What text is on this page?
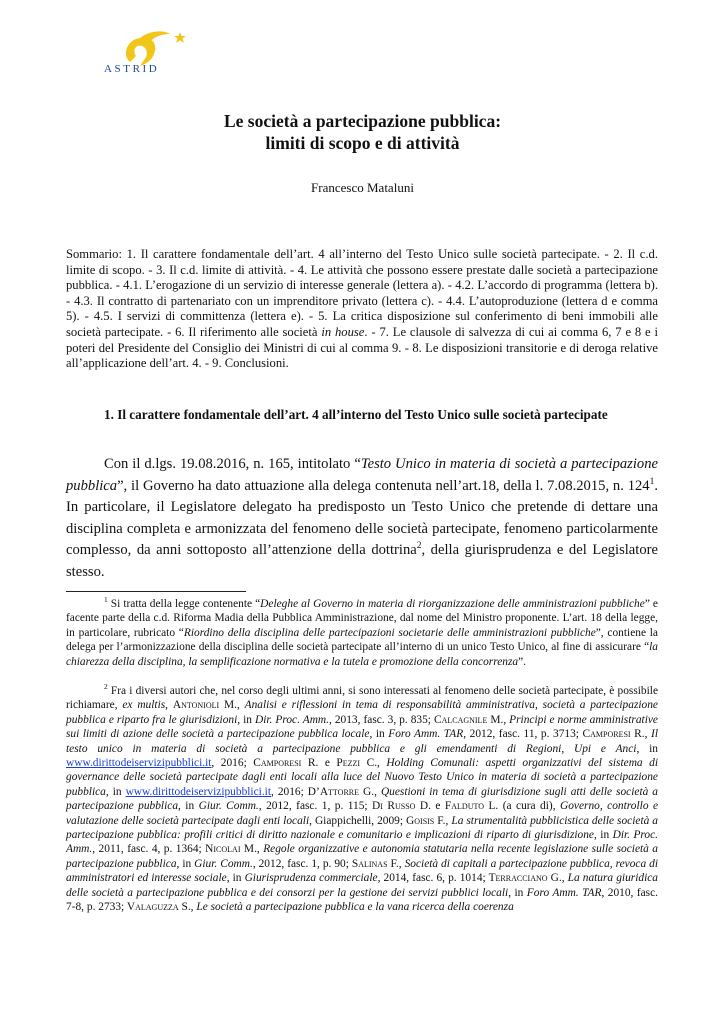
ASTRID
Le società a partecipazione pubblica:
limiti di scopo e di attività
Francesco Mataluni
Sommario: 1. Il carattere fondamentale dell’art. 4 all’interno del Testo Unico sulle società partecipate. - 2. Il c.d. limite di scopo. - 3. Il c.d. limite di attività. - 4. Le attività che possono essere prestate dalle società a partecipazione pubblica. - 4.1. L’erogazione di un servizio di interesse generale (lettera a). - 4.2. L’accordo di programma (lettera b). - 4.3. Il contratto di partenariato con un imprenditore privato (lettera c). - 4.4. L’autoproduzione (lettera d e comma 5). - 4.5. I servizi di committenza (lettera e). - 5. La critica disposizione sul conferimento di beni immobili alle società partecipate. - 6. Il riferimento alle società in house. - 7. Le clausole di salvezza di cui ai comma 6, 7 e 8 e i poteri del Presidente del Consiglio dei Ministri di cui al comma 9. - 8. Le disposizioni transitorie e di deroga relative all’applicazione dell’art. 4. - 9. Conclusioni.
1. Il carattere fondamentale dell’art. 4 all’interno del Testo Unico sulle società partecipate
Con il d.lgs. 19.08.2016, n. 165, intitolato “Testo Unico in materia di società a partecipazione pubblica”, il Governo ha dato attuazione alla delega contenuta nell’art.18, della l. 7.08.2015, n. $124^1$. In particolare, il Legislatore delegato ha predisposto un Testo Unico che pretende di dettare una disciplina completa e armonizzata del fenomeno delle società partecipate, fenomeno particolarmente complesso, da anni sottoposto all’attenzione della dottrina$^2$, della giurisprudenza e del Legislatore stesso.
$^1$ Si tratta della legge contenente “Deleghe al Governo in materia di riorganizzazione delle amministrazioni pubbliche” e facente parte della c.d. Riforma Madia della Pubblica Amministrazione, dal nome del Ministro proponente. L’art. 18 della legge, in particolare, rubricato “Riordino della disciplina delle partecipazioni societarie delle amministrazioni pubbliche”, contiene la delega per l’armonizzazione della disciplina delle società partecipate all’interno di un unico Testo Unico, al fine di assicurare “la chiarezza della disciplina, la semplificazione normativa e la tutela e promozione della concorrenza”.
$^2$ Fra i diversi autori che, nel corso degli ultimi anni, si sono interessati al fenomeno delle società partecipate, è possibile richiamare, ex multis, Antonioli M., Analisi e riflessioni in tema di responsabilità amministrativa, società a partecipazione pubblica e riparto fra le giurisdizioni, in Dir. Proc. Amm., 2013, fasc. 3, p. 835; Calcagnile M., Principi e norme amministrative sui limiti di azione delle società a partecipazione pubblica locale, in Foro Amm. TAR, 2012, fasc. 11, p. 3713; Camporesi R., Il testo unico in materia di società a partecipazione pubblica e gli emendamenti di Regioni, Upi e Anci, in www.dirittodeiservizipubblici.it, 2016; Camporesi R. e Pezzi C., Holding Comunali: aspetti organizzativi del sistema di governance delle società partecipate dagli enti locali alla luce del Nuovo Testo Unico in materia di società a partecipazione pubblica, in www.dirittodeiservizipubblici.it, 2016; D’Attorre G., Questioni in tema di giurisdizione sugli atti delle società a partecipazione pubblica, in Giur. Comm., 2012, fasc. 1, p. 115; Di Russo D. e Falduto L. (a cura di), Governo, controllo e valutazione delle società partecipate dagli enti locali, Giappichelli, 2009; Goisis F., La strumentalità pubblicistica delle società a partecipazione pubblica: profili critici di diritto nazionale e comunitario e implicazioni di riparto di giurisdizione, in Dir. Proc. Amm., 2011, fasc. 4, p. 1364; Nicolai M., Regole organizzative e autonomia statutaria nella recente legislazione sulle società a partecipazione pubblica, in Giur. Comm., 2012, fasc. 1, p. 90; Salinas F., Società di capitali a partecipazione pubblica, revoca di amministratori ed interesse sociale, in Giurisprudenza commerciale, 2014, fasc. 6, p. 1014; Terracciano G., La natura giuridica delle società a partecipazione pubblica e dei consorzi per la gestione dei servizi pubblici locali, in Foro Amm. TAR, 2010, fasc. 7-8, p. 2733; Valaguzza S., Le società a partecipazione pubblica e la vana ricerca della coerenza
